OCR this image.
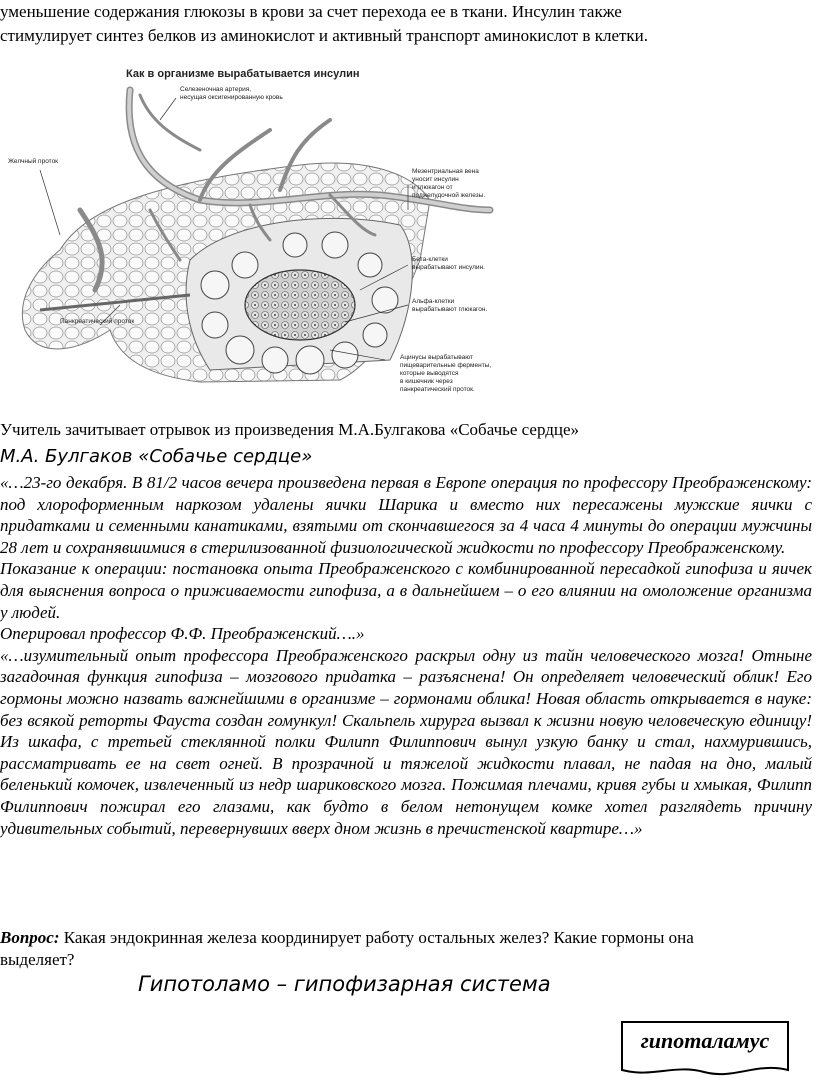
уменьшение содержания глюкозы в крови за счет перехода ее в ткани. Инсулин также

стимулирует синтез белков из аминокислот и активный транспорт аминокислот в клетки.

Как в организме вырабатывается инсулин
Селезеночная артерия,
несущая оксигенированную кровь
Желчный проток
Мезентриальная вена
уносит инсулин
и глюкагон от
поджелудочной железы.
Бета-клетки
вырабатывают инсулин.
Альфа-клетки
вырабатывают глюкагон.
Панкреатический проток
Ацинусы вырабатывают
пищеварительные ферменты,
которые выводятся
в кишечник через
панкреатический проток.
Учитель зачитывает отрывок из произведения М.А.Булгакова «Собачье сердце»
М.А. Булгаков «Собачье сердце»

«…23-го декабря. В 81/2 часов вечера произведена первая в Европе операция по профессору Преображенскому: под хлороформенным наркозом удалены яички Шарика и вместо них пересажены мужские яички с придатками и семенными канатиками, взятыми от скончавшегося за 4 часа 4 минуты до операции мужчины 28 лет и сохранявшимися в стерилизованной физиологической жидкости по профессору Преображенскому.

Показание к операции: постановка опыта Преображенского с комбинированной пересадкой гипофиза и яичек для выяснения вопроса о приживаемости гипофиза, а в дальнейшем – о его влиянии на омоложение организма у людей.

Оперировал профессор Ф.Ф. Преображенский….»

«…изумительный опыт профессора Преображенского раскрыл одну из тайн человеческого мозга! Отныне загадочная функция гипофиза – мозгового придатка – разъяснена! Он определяет человеческий облик! Его гормоны можно назвать важнейшими в организме – гормонами облика! Новая область открывается в науке: без всякой реторты Фауста создан гомункул! Скальпель хирурга вызвал к жизни новую человеческую единицу! Из шкафа, с третьей стеклянной полки Филипп Филиппович вынул узкую банку и стал, нахмурившись, рассматривать ее на свет огней. В прозрачной и тяжелой жидкости плавал, не падая на дно, малый беленький комочек, извлеченный из недр шариковского мозга. Пожимая плечами, кривя губы и хмыкая, Филипп Филиппович пожирал его глазами, как будто в белом нетонущем комке хотел разглядеть причину удивительных событий, перевернувших вверх дном жизнь в пречистенской квартире…»

Вопрос: Какая эндокринная железа координирует работу остальных желез? Какие гормоны она выделяет?
Гипотоламо – гипофизарная система
гипоталамус
